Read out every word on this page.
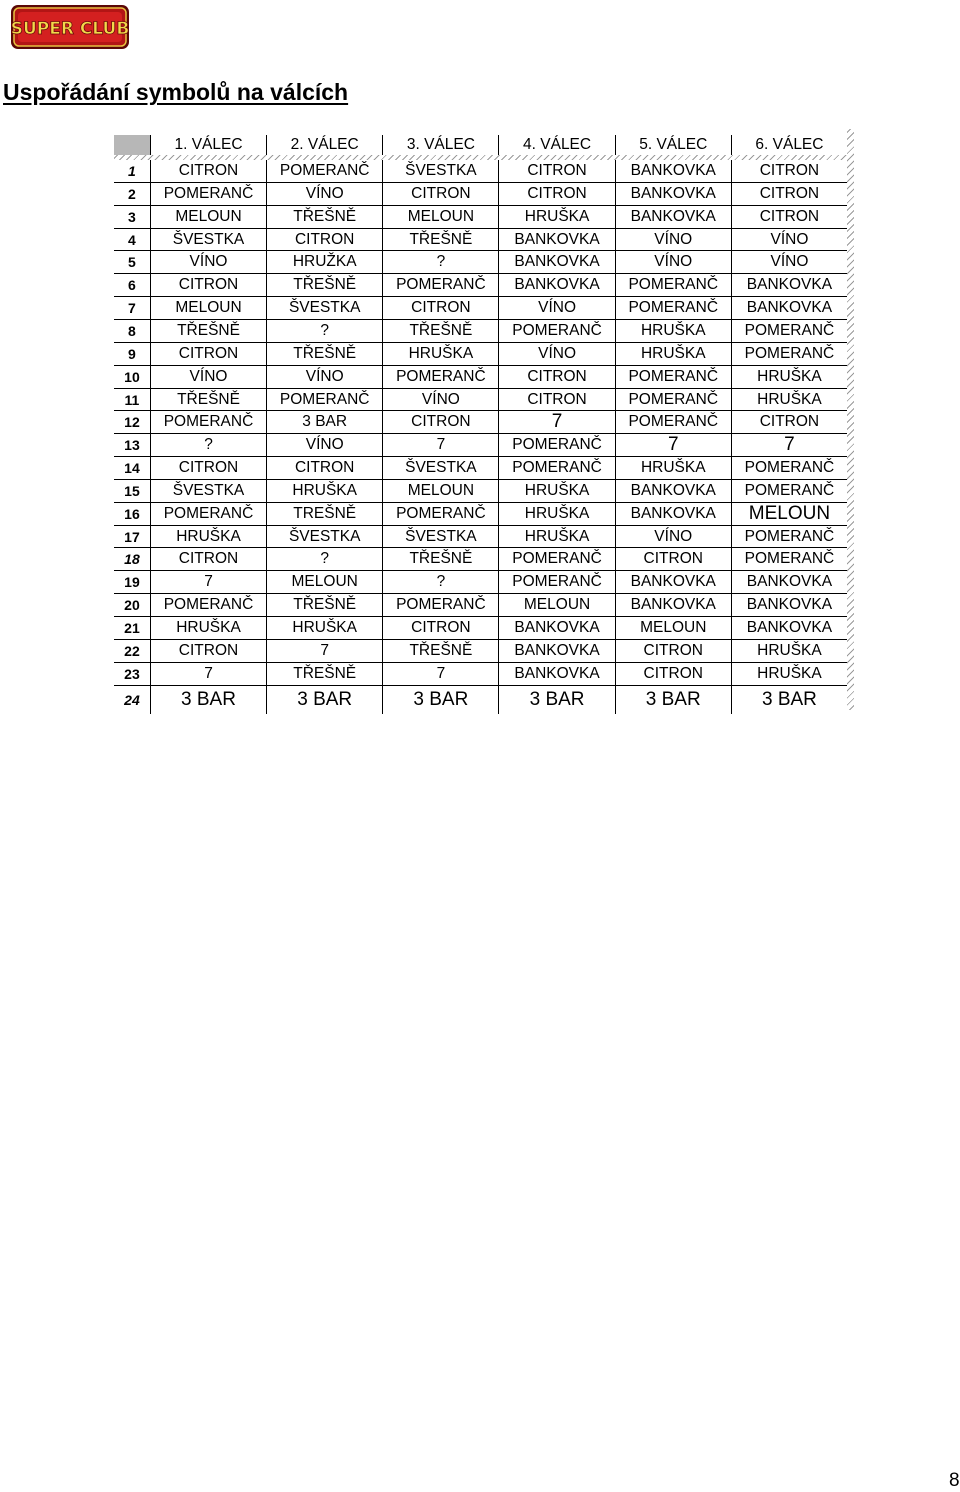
SUPER CLUB
Uspořádání symbolů na válcích
1. VÁLEC	2. VÁLEC	3. VÁLEC	4. VÁLEC	5. VÁLEC	6. VÁLEC
1	CITRON	POMERANČ	ŠVESTKA	CITRON	BANKOVKA	CITRON
2	POMERANČ	VÍNO	CITRON	CITRON	BANKOVKA	CITRON
3	MELOUN	TŘEŠNĚ	MELOUN	HRUŠKA	BANKOVKA	CITRON
4	ŠVESTKA	CITRON	TŘEŠNĚ	BANKOVKA	VÍNO	VÍNO
5	VÍNO	HRUŽKA	?	BANKOVKA	VÍNO	VÍNO
6	CITRON	TŘEŠNĚ	POMERANČ	BANKOVKA	POMERANČ	BANKOVKA
7	MELOUN	ŠVESTKA	CITRON	VÍNO	POMERANČ	BANKOVKA
8	TŘEŠNĚ	?	TŘEŠNĚ	POMERANČ	HRUŠKA	POMERANČ
9	CITRON	TŘEŠNĚ	HRUŠKA	VÍNO	HRUŠKA	POMERANČ
10	VÍNO	VÍNO	POMERANČ	CITRON	POMERANČ	HRUŠKA
11	TŘEŠNĚ	POMERANČ	VÍNO	CITRON	POMERANČ	HRUŠKA
12	POMERANČ	3 BAR	CITRON	7	POMERANČ	CITRON
13	?	VÍNO	7	POMERANČ	7	7
14	CITRON	CITRON	ŠVESTKA	POMERANČ	HRUŠKA	POMERANČ
15	ŠVESTKA	HRUŠKA	MELOUN	HRUŠKA	BANKOVKA	POMERANČ
16	POMERANČ	TREŠNĚ	POMERANČ	HRUŠKA	BANKOVKA	MELOUN
17	HRUŠKA	ŠVESTKA	ŠVESTKA	HRUŠKA	VÍNO	POMERANČ
18	CITRON	?	TŘEŠNĚ	POMERANČ	CITRON	POMERANČ
19	7	MELOUN	?	POMERANČ	BANKOVKA	BANKOVKA
20	POMERANČ	TŘEŠNĚ	POMERANČ	MELOUN	BANKOVKA	BANKOVKA
21	HRUŠKA	HRUŠKA	CITRON	BANKOVKA	MELOUN	BANKOVKA
22	CITRON	7	TŘEŠNĚ	BANKOVKA	CITRON	HRUŠKA
23	7	TŘEŠNĚ	7	BANKOVKA	CITRON	HRUŠKA
24	3 BAR	3 BAR	3 BAR	3 BAR	3 BAR	3 BAR
8
